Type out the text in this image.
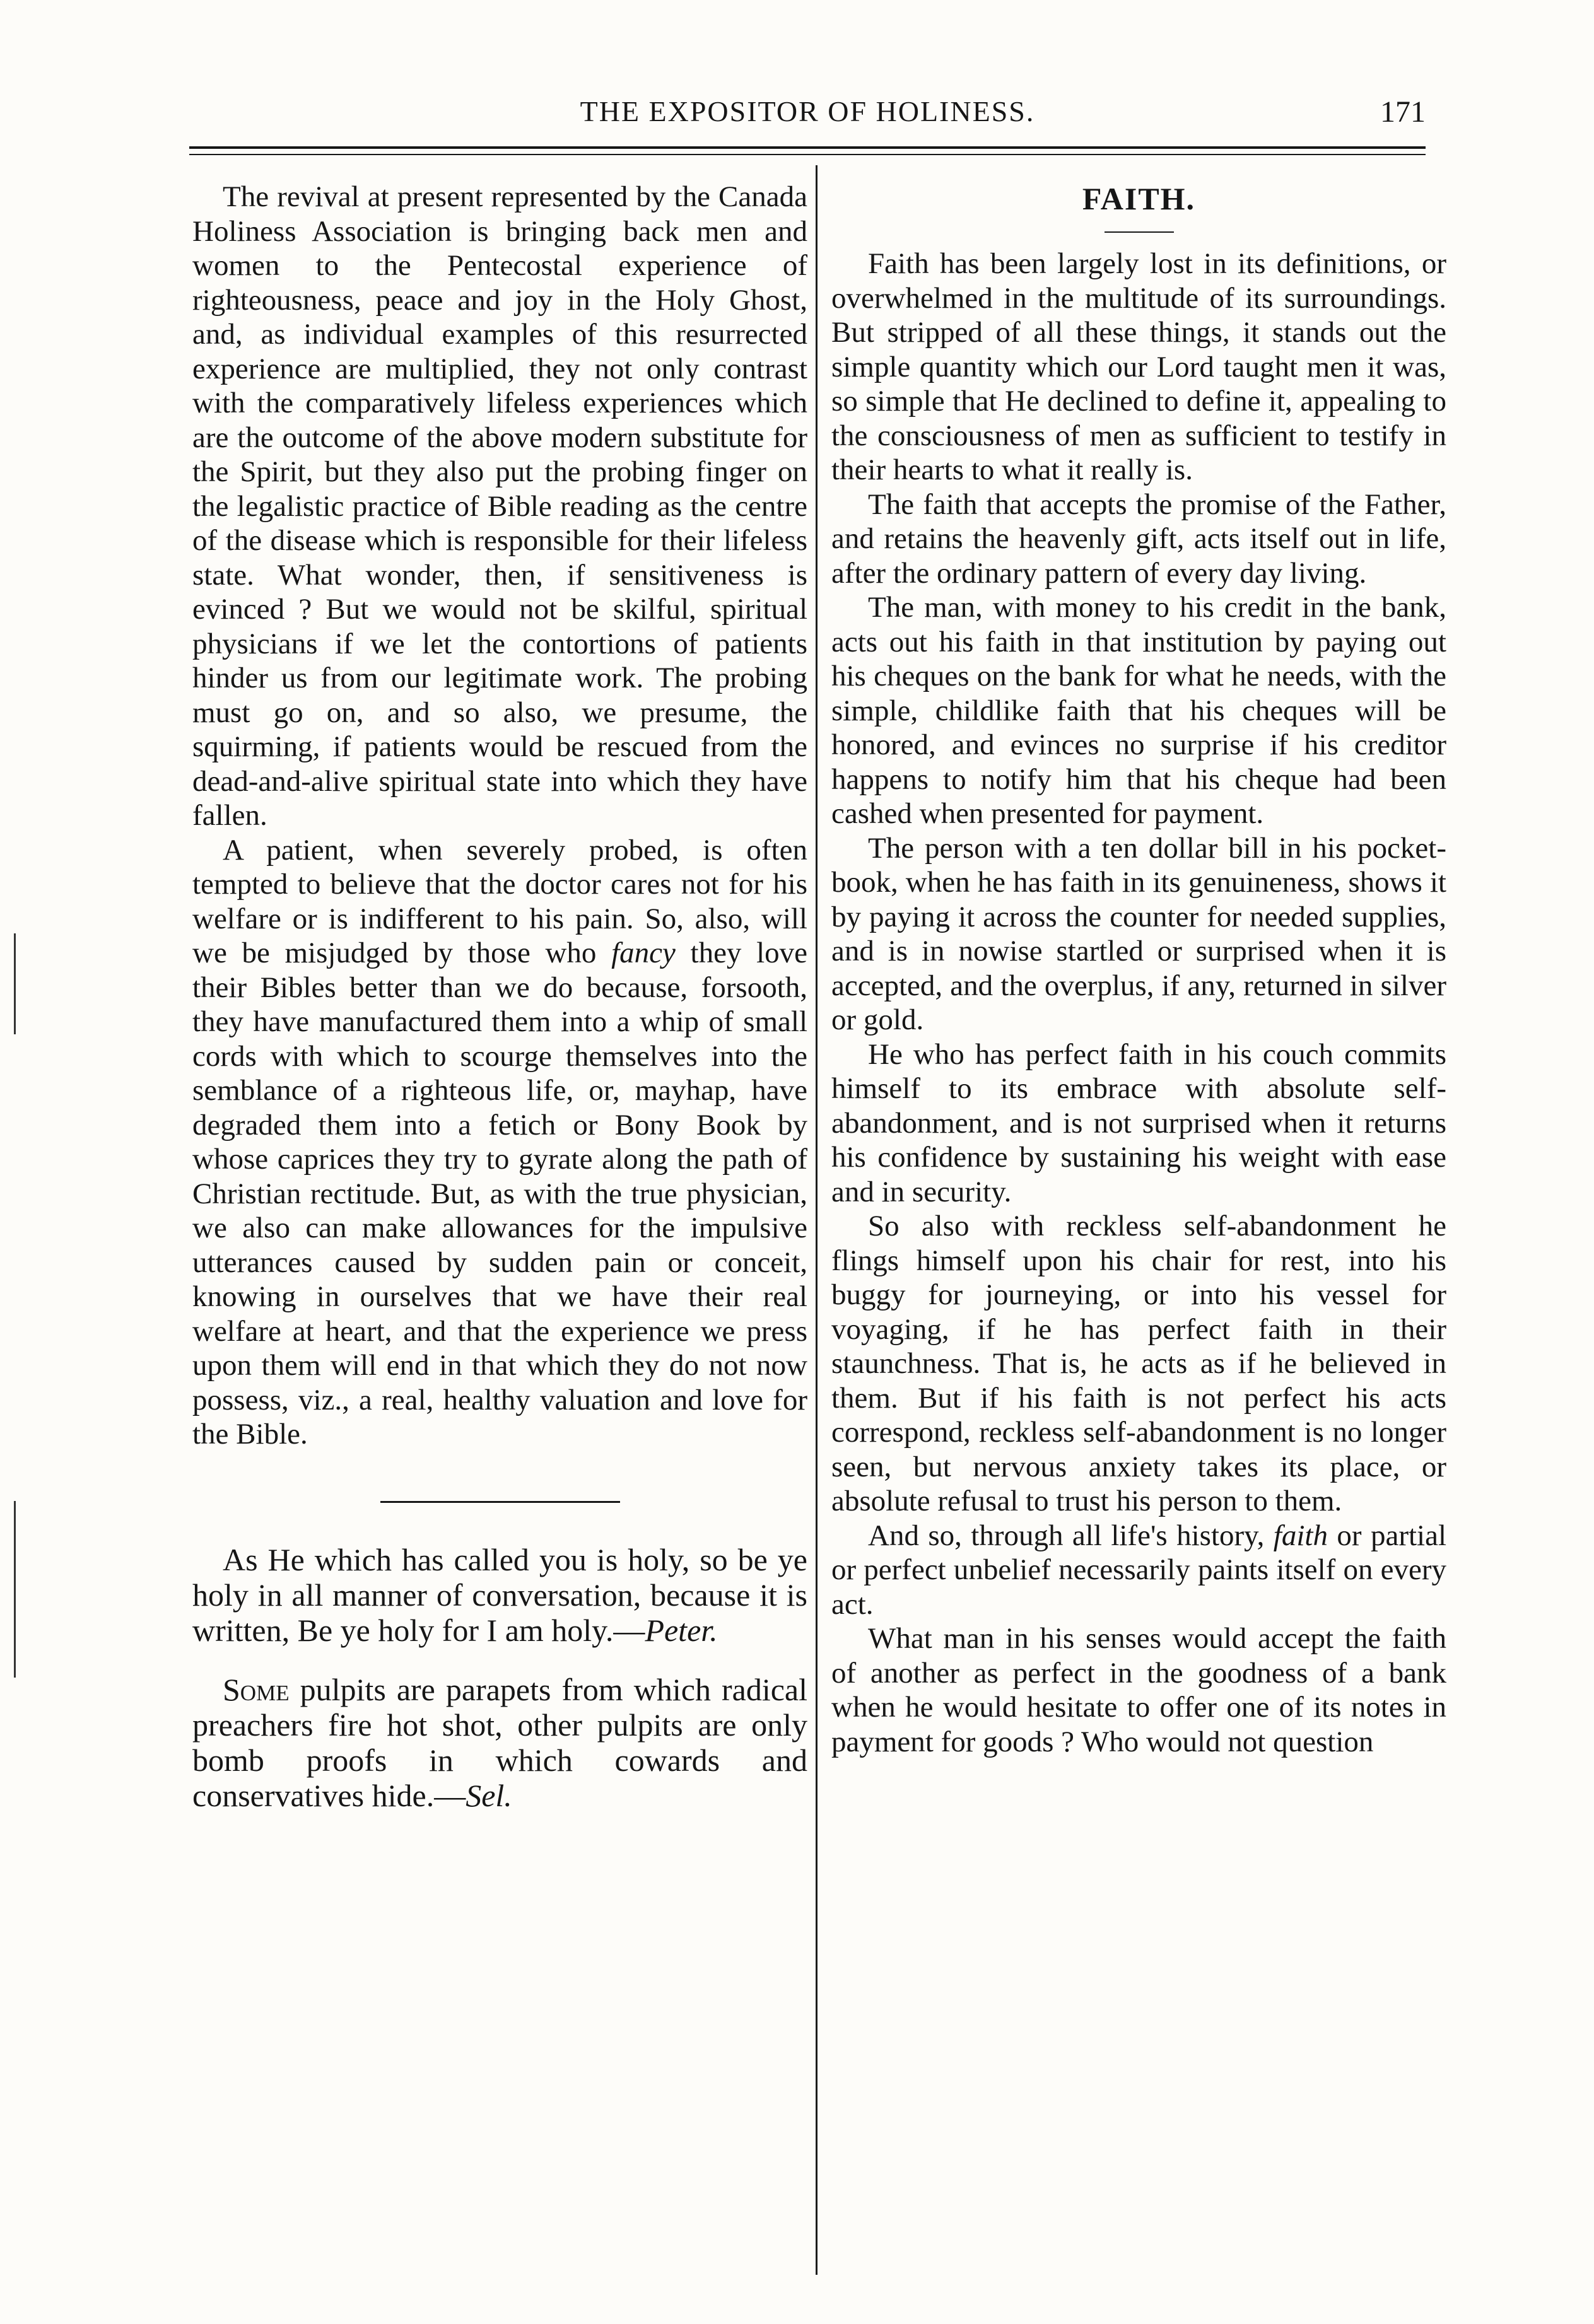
THE EXPOSITOR OF HOLINESS.	171

The revival at present represented by the Canada Holiness Association is bringing back men and women to the Pentecostal experience of righteousness, peace and joy in the Holy Ghost, and, as individual examples of this resurrected experience are multiplied, they not only contrast with the comparatively lifeless experiences which are the outcome of the above modern substitute for the Spirit, but they also put the probing finger on the legalistic practice of Bible reading as the centre of the disease which is responsible for their lifeless state. What wonder, then, if sensitiveness is evinced ? But we would not be skilful, spiritual physicians if we let the contortions of patients hinder us from our legitimate work. The probing must go on, and so also, we presume, the squirming, if patients would be rescued from the dead-and-alive spiritual state into which they have fallen.

A patient, when severely probed, is often tempted to believe that the doctor cares not for his welfare or is indifferent to his pain. So, also, will we be misjudged by those who fancy they love their Bibles better than we do because, forsooth, they have manufactured them into a whip of small cords with which to scourge themselves into the semblance of a righteous life, or, mayhap, have degraded them into a fetich or Bony Book by whose caprices they try to gyrate along the path of Christian rectitude. But, as with the true physician, we also can make allowances for the impulsive utterances caused by sudden pain or conceit, knowing in ourselves that we have their real welfare at heart, and that the experience we press upon them will end in that which they do not now possess, viz., a real, healthy valuation and love for the Bible.

As He which has called you is holy, so be ye holy in all manner of conversation, because it is written, Be ye holy for I am holy.—Peter.

Some pulpits are parapets from which radical preachers fire hot shot, other pulpits are only bomb proofs in which cowards and conservatives hide.—Sel.

FAITH.

Faith has been largely lost in its definitions, or overwhelmed in the multitude of its surroundings. But stripped of all these things, it stands out the simple quantity which our Lord taught men it was, so simple that He declined to define it, appealing to the consciousness of men as sufficient to testify in their hearts to what it really is.

The faith that accepts the promise of the Father, and retains the heavenly gift, acts itself out in life, after the ordinary pattern of every day living.

The man, with money to his credit in the bank, acts out his faith in that institution by paying out his cheques on the bank for what he needs, with the simple, childlike faith that his cheques will be honored, and evinces no surprise if his creditor happens to notify him that his cheque had been cashed when presented for payment.

The person with a ten dollar bill in his pocket-book, when he has faith in its genuineness, shows it by paying it across the counter for needed supplies, and is in nowise startled or surprised when it is accepted, and the overplus, if any, returned in silver or gold.

He who has perfect faith in his couch commits himself to its embrace with absolute self-abandonment, and is not surprised when it returns his confidence by sustaining his weight with ease and in security.

So also with reckless self-abandonment he flings himself upon his chair for rest, into his buggy for journeying, or into his vessel for voyaging, if he has perfect faith in their staunchness. That is, he acts as if he believed in them. But if his faith is not perfect his acts correspond, reckless self-abandonment is no longer seen, but nervous anxiety takes its place, or absolute refusal to trust his person to them.

And so, through all life's history, faith or partial or perfect unbelief necessarily paints itself on every act.

What man in his senses would accept the faith of another as perfect in the goodness of a bank when he would hesitate to offer one of its notes in payment for goods ? Who would not question
